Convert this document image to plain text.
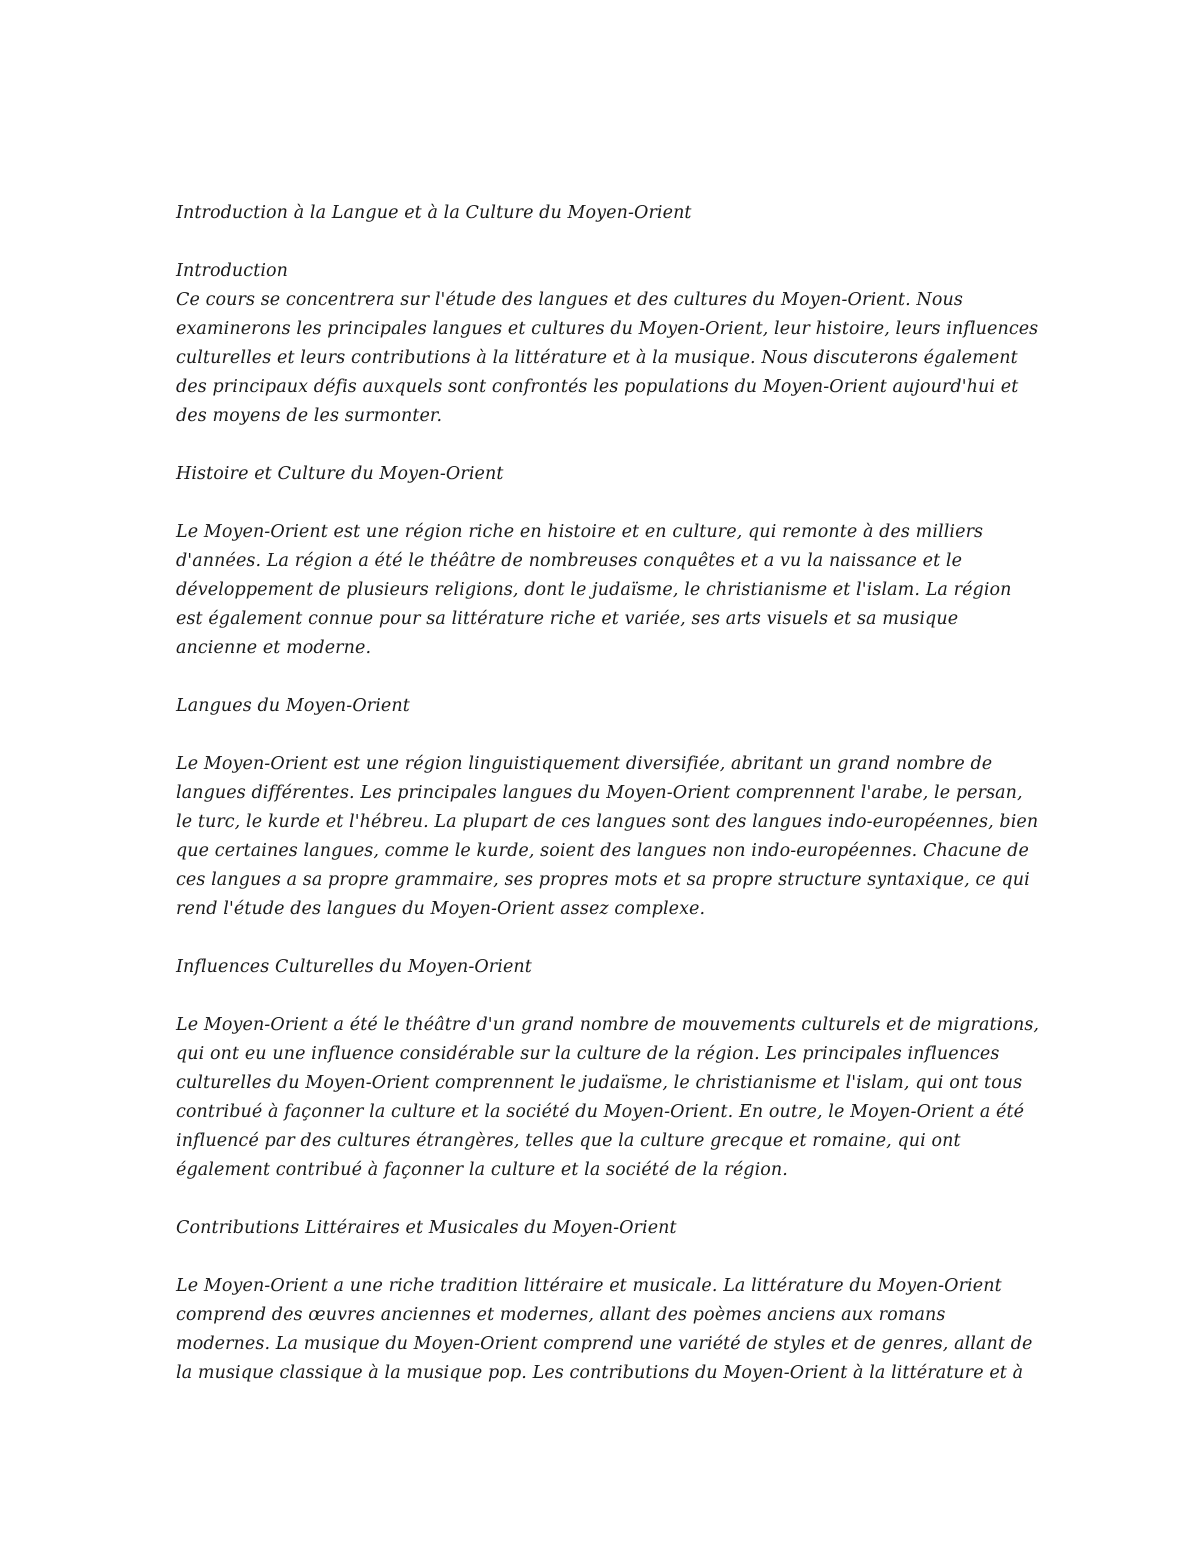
Introduction à la Langue et à la Culture du Moyen-Orient
Introduction
Ce cours se concentrera sur l'étude des langues et des cultures du Moyen-Orient. Nous
examinerons les principales langues et cultures du Moyen-Orient, leur histoire, leurs influences
culturelles et leurs contributions à la littérature et à la musique. Nous discuterons également
des principaux défis auxquels sont confrontés les populations du Moyen-Orient aujourd'hui et
des moyens de les surmonter.
Histoire et Culture du Moyen-Orient
Le Moyen-Orient est une région riche en histoire et en culture, qui remonte à des milliers
d'années. La région a été le théâtre de nombreuses conquêtes et a vu la naissance et le
développement de plusieurs religions, dont le judaïsme, le christianisme et l'islam. La région
est également connue pour sa littérature riche et variée, ses arts visuels et sa musique
ancienne et moderne.
Langues du Moyen-Orient
Le Moyen-Orient est une région linguistiquement diversifiée, abritant un grand nombre de
langues différentes. Les principales langues du Moyen-Orient comprennent l'arabe, le persan,
le turc, le kurde et l'hébreu. La plupart de ces langues sont des langues indo-européennes, bien
que certaines langues, comme le kurde, soient des langues non indo-européennes. Chacune de
ces langues a sa propre grammaire, ses propres mots et sa propre structure syntaxique, ce qui
rend l'étude des langues du Moyen-Orient assez complexe.
Influences Culturelles du Moyen-Orient
Le Moyen-Orient a été le théâtre d'un grand nombre de mouvements culturels et de migrations,
qui ont eu une influence considérable sur la culture de la région. Les principales influences
culturelles du Moyen-Orient comprennent le judaïsme, le christianisme et l'islam, qui ont tous
contribué à façonner la culture et la société du Moyen-Orient. En outre, le Moyen-Orient a été
influencé par des cultures étrangères, telles que la culture grecque et romaine, qui ont
également contribué à façonner la culture et la société de la région.
Contributions Littéraires et Musicales du Moyen-Orient
Le Moyen-Orient a une riche tradition littéraire et musicale. La littérature du Moyen-Orient
comprend des œuvres anciennes et modernes, allant des poèmes anciens aux romans
modernes. La musique du Moyen-Orient comprend une variété de styles et de genres, allant de
la musique classique à la musique pop. Les contributions du Moyen-Orient à la littérature et à
